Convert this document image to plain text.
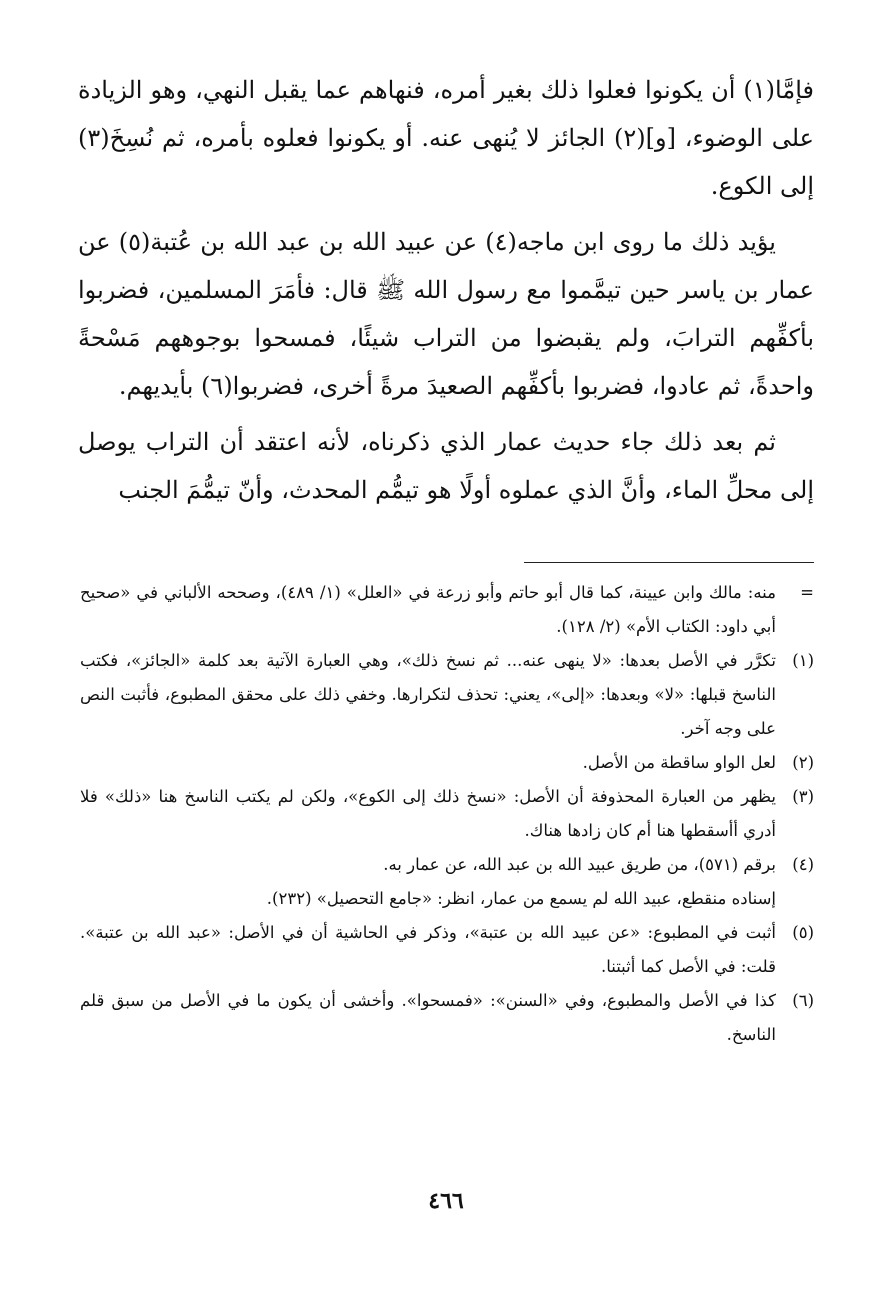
فإمَّا(١) أن يكونوا فعلوا ذلك بغير أمره، فنهاهم عما يقبل النهي، وهو الزيادة على الوضوء، [و](٢) الجائز لا يُنهى عنه. أو يكونوا فعلوه بأمره، ثم نُسِخَ(٣) إلى الكوع.

يؤيد ذلك ما روى ابن ماجه(٤) عن عبيد الله بن عبد الله بن عُتبة(٥) عن عمار بن ياسر حين تيمَّموا مع رسول الله ﷺ قال: فأمَرَ المسلمين، فضربوا بأكفِّهم الترابَ، ولم يقبضوا من التراب شيئًا، فمسحوا بوجوههم مَسْحةً واحدةً، ثم عادوا، فضربوا بأكفِّهم الصعيدَ مرةً أخرى، فضربوا(٦) بأيديهم.

ثم بعد ذلك جاء حديث عمار الذي ذكرناه، لأنه اعتقد أن التراب يوصل إلى محلِّ الماء، وأنَّ الذي عملوه أولًا هو تيمُّم المحدث، وأنّ تيمُّمَ الجنب

=
منه: مالك وابن عيينة، كما قال أبو حاتم وأبو زرعة في «العلل» (١/ ٤٨٩)، وصححه الألباني في «صحيح أبي داود: الكتاب الأم» (٢/ ١٢٨).
(١)
تكرَّر في الأصل بعدها: «لا ينهى عنه... ثم نسخ ذلك»، وهي العبارة الآتية بعد كلمة «الجائز»، فكتب الناسخ قبلها: «لا» وبعدها: «إلى»، يعني: تحذف لتكرارها. وخفي ذلك على محقق المطبوع، فأثبت النص على وجه آخر.
(٢)
لعل الواو ساقطة من الأصل.
(٣)
يظهر من العبارة المحذوفة أن الأصل: «نسخ ذلك إلى الكوع»، ولكن لم يكتب الناسخ هنا «ذلك» فلا أدري أأسقطها هنا أم كان زادها هناك.
(٤)
برقم (٥٧١)، من طريق عبيد الله بن عبد الله، عن عمار به.
إسناده منقطع، عبيد الله لم يسمع من عمار، انظر: «جامع التحصيل» (٢٣٢).
(٥)
أثبت في المطبوع: «عن عبيد الله بن عتبة»، وذكر في الحاشية أن في الأصل: «عبد الله بن عتبة». قلت: في الأصل كما أثبتنا.
(٦)
كذا في الأصل والمطبوع، وفي «السنن»: «فمسحوا». وأخشى أن يكون ما في الأصل من سبق قلم الناسخ.
٤٦٦
